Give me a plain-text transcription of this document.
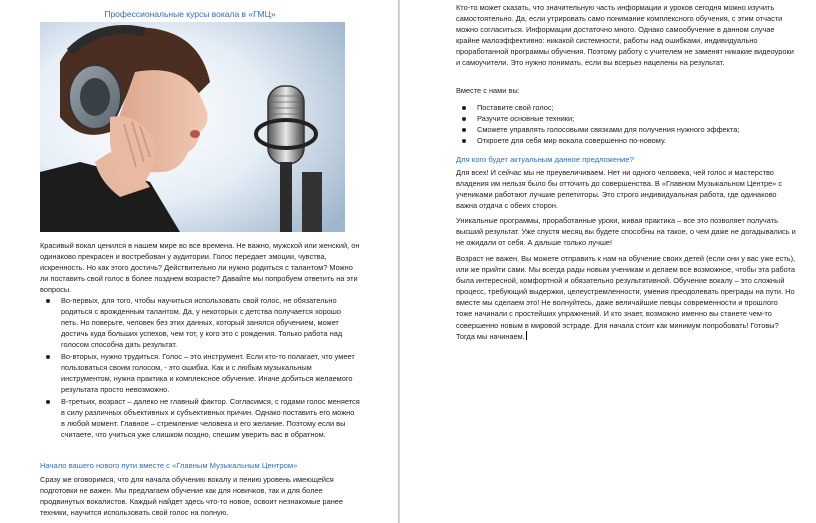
Профессиональные курсы вокала в «ГМЦ»

Красивый вокал ценился в нашем мире во все времена. Не важно, мужской или женский, он одинаково прекрасен и востребован у аудитории. Голос передает эмоции, чувства, искренность. Но как этого достичь? Действительно ли нужно родиться с талантом? Можно ли поставить свой голос в более позднем возрасте? Давайте мы попробуем ответить на эти вопросы.

Во-первых, для того, чтобы научиться использовать свой голос, не обязательно родиться с врожденным талантом. Да, у некоторых с детства получается хорошо петь. Но поверьте, человек без этих данных, который занялся обучением, может достичь куда больших успехов, чем тот, у кого это с рождения. Только работа над голосом способна дать результат.
Во-вторых, нужно трудиться. Голос – это инструмент. Если кто-то полагает, что умеет пользоваться своим голосом, - это ошибка. Как и с любым музыкальным инструментом, нужна практика и комплексное обучение. Иначе добиться желаемого результата просто невозможно.
В-третьих, возраст – далеко не главный фактор. Согласимся, с годами голос меняется в силу различных объективных и субъективных причин. Однако поставить его можно в любой момент. Главное – стремление человека и его желание. Поэтому если вы считаете, что учиться уже слишком поздно, спешим уверить вас в обратном.

Начало вашего нового пути вместе с «Главным Музыкальным Центром»

Сразу же оговоримся, что для начала обучению вокалу и пению уровень имеющейся подготовки не важен. Мы предлагаем обучение как для новичков, так и для более продвинутых вокалистов. Каждый найдет здесь что-то новое, освоит незнакомые ранее техники, научится использовать свой голос на полную.

Кто-то может сказать, что значительную часть информации и уроков сегодня можно изучить самостоятельно. Да, если утрировать само понимание комплексного обучения, с этим отчасти можно согласиться. Информации достаточно много. Однако самообучение в данном случае крайне малоэффективно: никакой системности, работы над ошибками, индивидуально проработанной программы обучения. Поэтому работу с учителем не заменят никакие видеоуроки и самоучители. Это нужно понимать, если вы всерьез нацелены на результат.

Вместе с нами вы:

Поставите свой голос;
Разучите основные техники;
Сможете управлять голосовыми связками для получения нужного эффекта;
Откроете для себя мир вокала совершенно по-новому.

Для кого будет актуальным данное предложение?

Для всех! И сейчас мы не преувеличиваем. Нет ни одного человека, чей голос и мастерство владения им нельзя было бы отточить до совершенства. В «Главном Музыкальном Центре» с учениками работают лучшие репетиторы. Это строго индивидуальная работа, где одинаково важна отдача с обеих сторон.

Уникальные программы, проработанные уроки, живая практика – все это позволяет получать высший результат. Уже спустя месяц вы будете способны на такое, о чем даже не догадывались и не ожидали от себя. А дальше только лучше!

Возраст не важен. Вы можете отправить к нам на обучение своих детей (если они у вас уже есть), или же прийти сами. Мы всегда рады новым ученикам и делаем все возможное, чтобы эта работа была интересной, комфортной и обязательно результативной. Обучение вокалу – это сложный процесс, требующий выдержки, целеустремленности, умения преодолевать преграды на пути. Но вместе мы сделаем это! Не волнуйтесь, даже величайшие певцы современности и прошлого тоже начинали с простейших упражнений. И кто знает, возможно именно вы станете чем-то совершенно новым в мировой эстраде. Для начала стоит как минимум попробовать! Готовы? Тогда мы начинаем.
